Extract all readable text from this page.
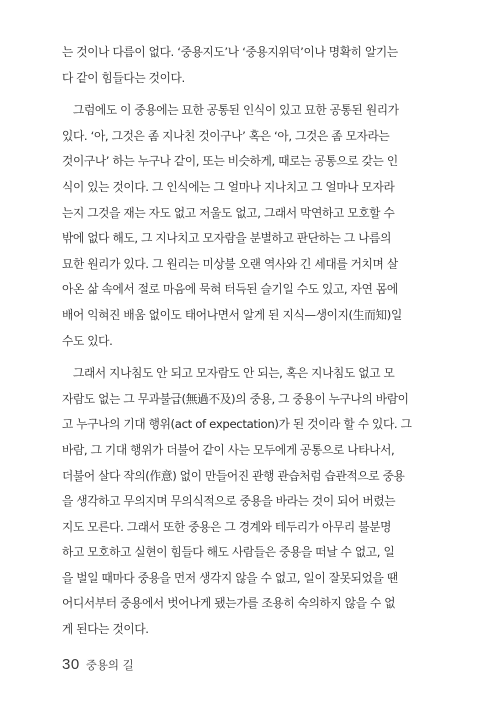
는 것이나 다름이 없다. ‘중용지도’나 ‘중용지위덕’이나 명확히 알기는
다 같이 힘들다는 것이다.
그럼에도 이 중용에는 묘한 공통된 인식이 있고 묘한 공통된 원리가
있다. ‘아, 그것은 좀 지나친 것이구나’ 혹은 ‘아, 그것은 좀 모자라는
것이구나’ 하는 누구나 같이, 또는 비슷하게, 때로는 공통으로 갖는 인
식이 있는 것이다. 그 인식에는 그 얼마나 지나치고 그 얼마나 모자라
는지 그것을 재는 자도 없고 저울도 없고, 그래서 막연하고 모호할 수
밖에 없다 해도, 그 지나치고 모자람을 분별하고 판단하는 그 나름의
묘한 원리가 있다. 그 원리는 미상불 오랜 역사와 긴 세대를 거치며 살
아온 삶 속에서 절로 마음에 묵혀 터득된 슬기일 수도 있고, 자연 몸에
배어 익혀진 배움 없이도 태어나면서 알게 된 지식—생이지(生而知)일
수도 있다.
그래서 지나침도 안 되고 모자람도 안 되는, 혹은 지나침도 없고 모
자람도 없는 그 무과불급(無過不及)의 중용, 그 중용이 누구나의 바람이
고 누구나의 기대 행위(act of expectation)가 된 것이라 할 수 있다. 그
바람, 그 기대 행위가 더불어 같이 사는 모두에게 공통으로 나타나서,
더불어 살다 작의(作意) 없이 만들어진 관행 관습처럼 습관적으로 중용
을 생각하고 무의지며 무의식적으로 중용을 바라는 것이 되어 버렸는
지도 모른다. 그래서 또한 중용은 그 경계와 테두리가 아무리 불분명
하고 모호하고 실현이 힘들다 해도 사람들은 중용을 떠날 수 없고, 일
을 벌일 때마다 중용을 먼저 생각지 않을 수 없고, 일이 잘못되었을 땐
어디서부터 중용에서 벗어나게 됐는가를 조용히 숙의하지 않을 수 없
게 된다는 것이다.
30 중용의 길
